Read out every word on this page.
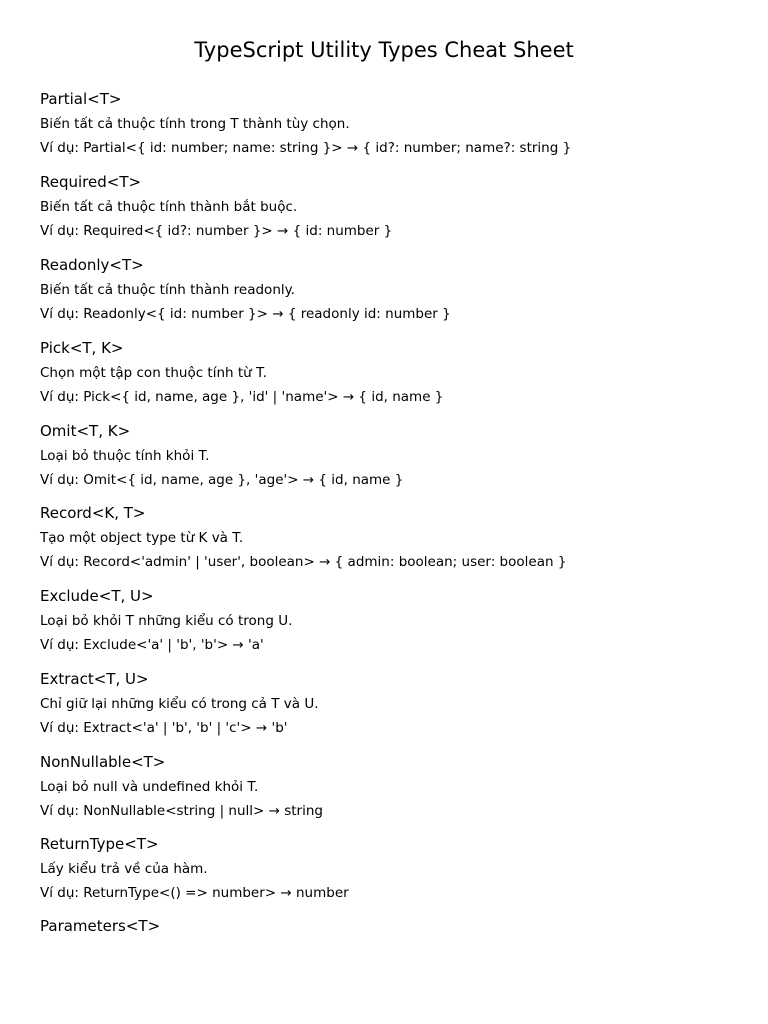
TypeScript Utility Types Cheat Sheet
Partial<T>
Biến tất cả thuộc tính trong T thành tùy chọn.
Ví dụ: Partial<{ id: number; name: string }> → { id?: number; name?: string }
Required<T>
Biến tất cả thuộc tính thành bắt buộc.
Ví dụ: Required<{ id?: number }> → { id: number }
Readonly<T>
Biến tất cả thuộc tính thành readonly.
Ví dụ: Readonly<{ id: number }> → { readonly id: number }
Pick<T, K>
Chọn một tập con thuộc tính từ T.
Ví dụ: Pick<{ id, name, age }, 'id' | 'name'> → { id, name }
Omit<T, K>
Loại bỏ thuộc tính khỏi T.
Ví dụ: Omit<{ id, name, age }, 'age'> → { id, name }
Record<K, T>
Tạo một object type từ K và T.
Ví dụ: Record<'admin' | 'user', boolean> → { admin: boolean; user: boolean }
Exclude<T, U>
Loại bỏ khỏi T những kiểu có trong U.
Ví dụ: Exclude<'a' | 'b', 'b'> → 'a'
Extract<T, U>
Chỉ giữ lại những kiểu có trong cả T và U.
Ví dụ: Extract<'a' | 'b', 'b' | 'c'> → 'b'
NonNullable<T>
Loại bỏ null và undefined khỏi T.
Ví dụ: NonNullable<string | null> → string
ReturnType<T>
Lấy kiểu trả về của hàm.
Ví dụ: ReturnType<() => number> → number
Parameters<T>
